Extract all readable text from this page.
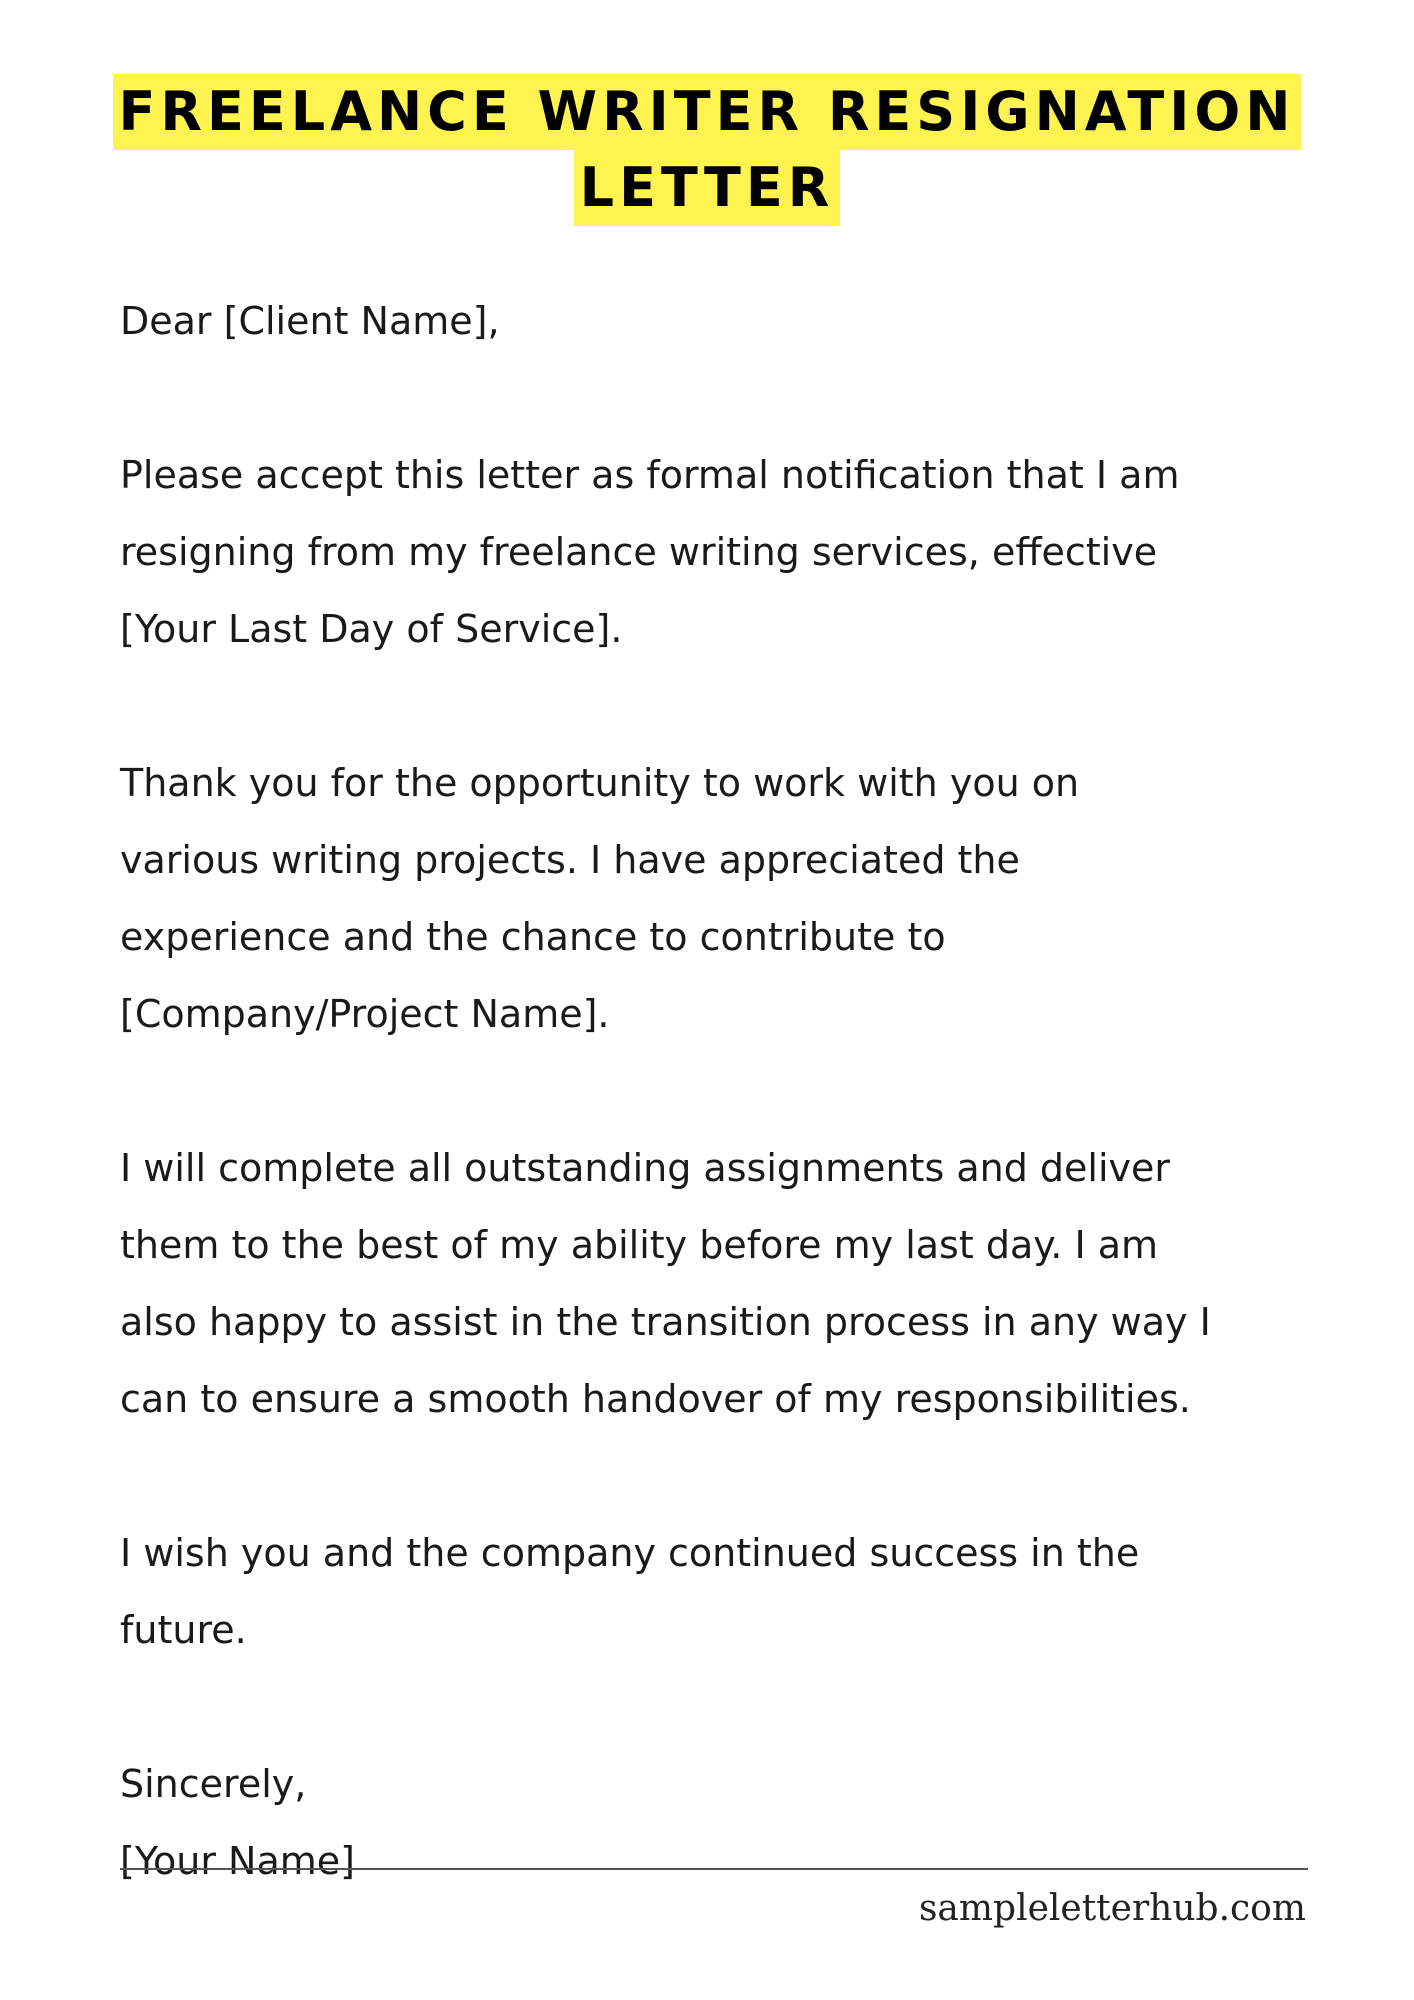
FREELANCE WRITER RESIGNATION
LETTER

Dear [Client Name],

Please accept this letter as formal notification that I am

resigning from my freelance writing services, effective

[Your Last Day of Service].

Thank you for the opportunity to work with you on

various writing projects. I have appreciated the

experience and the chance to contribute to

[Company/Project Name].

I will complete all outstanding assignments and deliver

them to the best of my ability before my last day. I am

also happy to assist in the transition process in any way I

can to ensure a smooth handover of my responsibilities.

I wish you and the company continued success in the

future.

Sincerely,

[Your Name]

sampleletterhub.com
